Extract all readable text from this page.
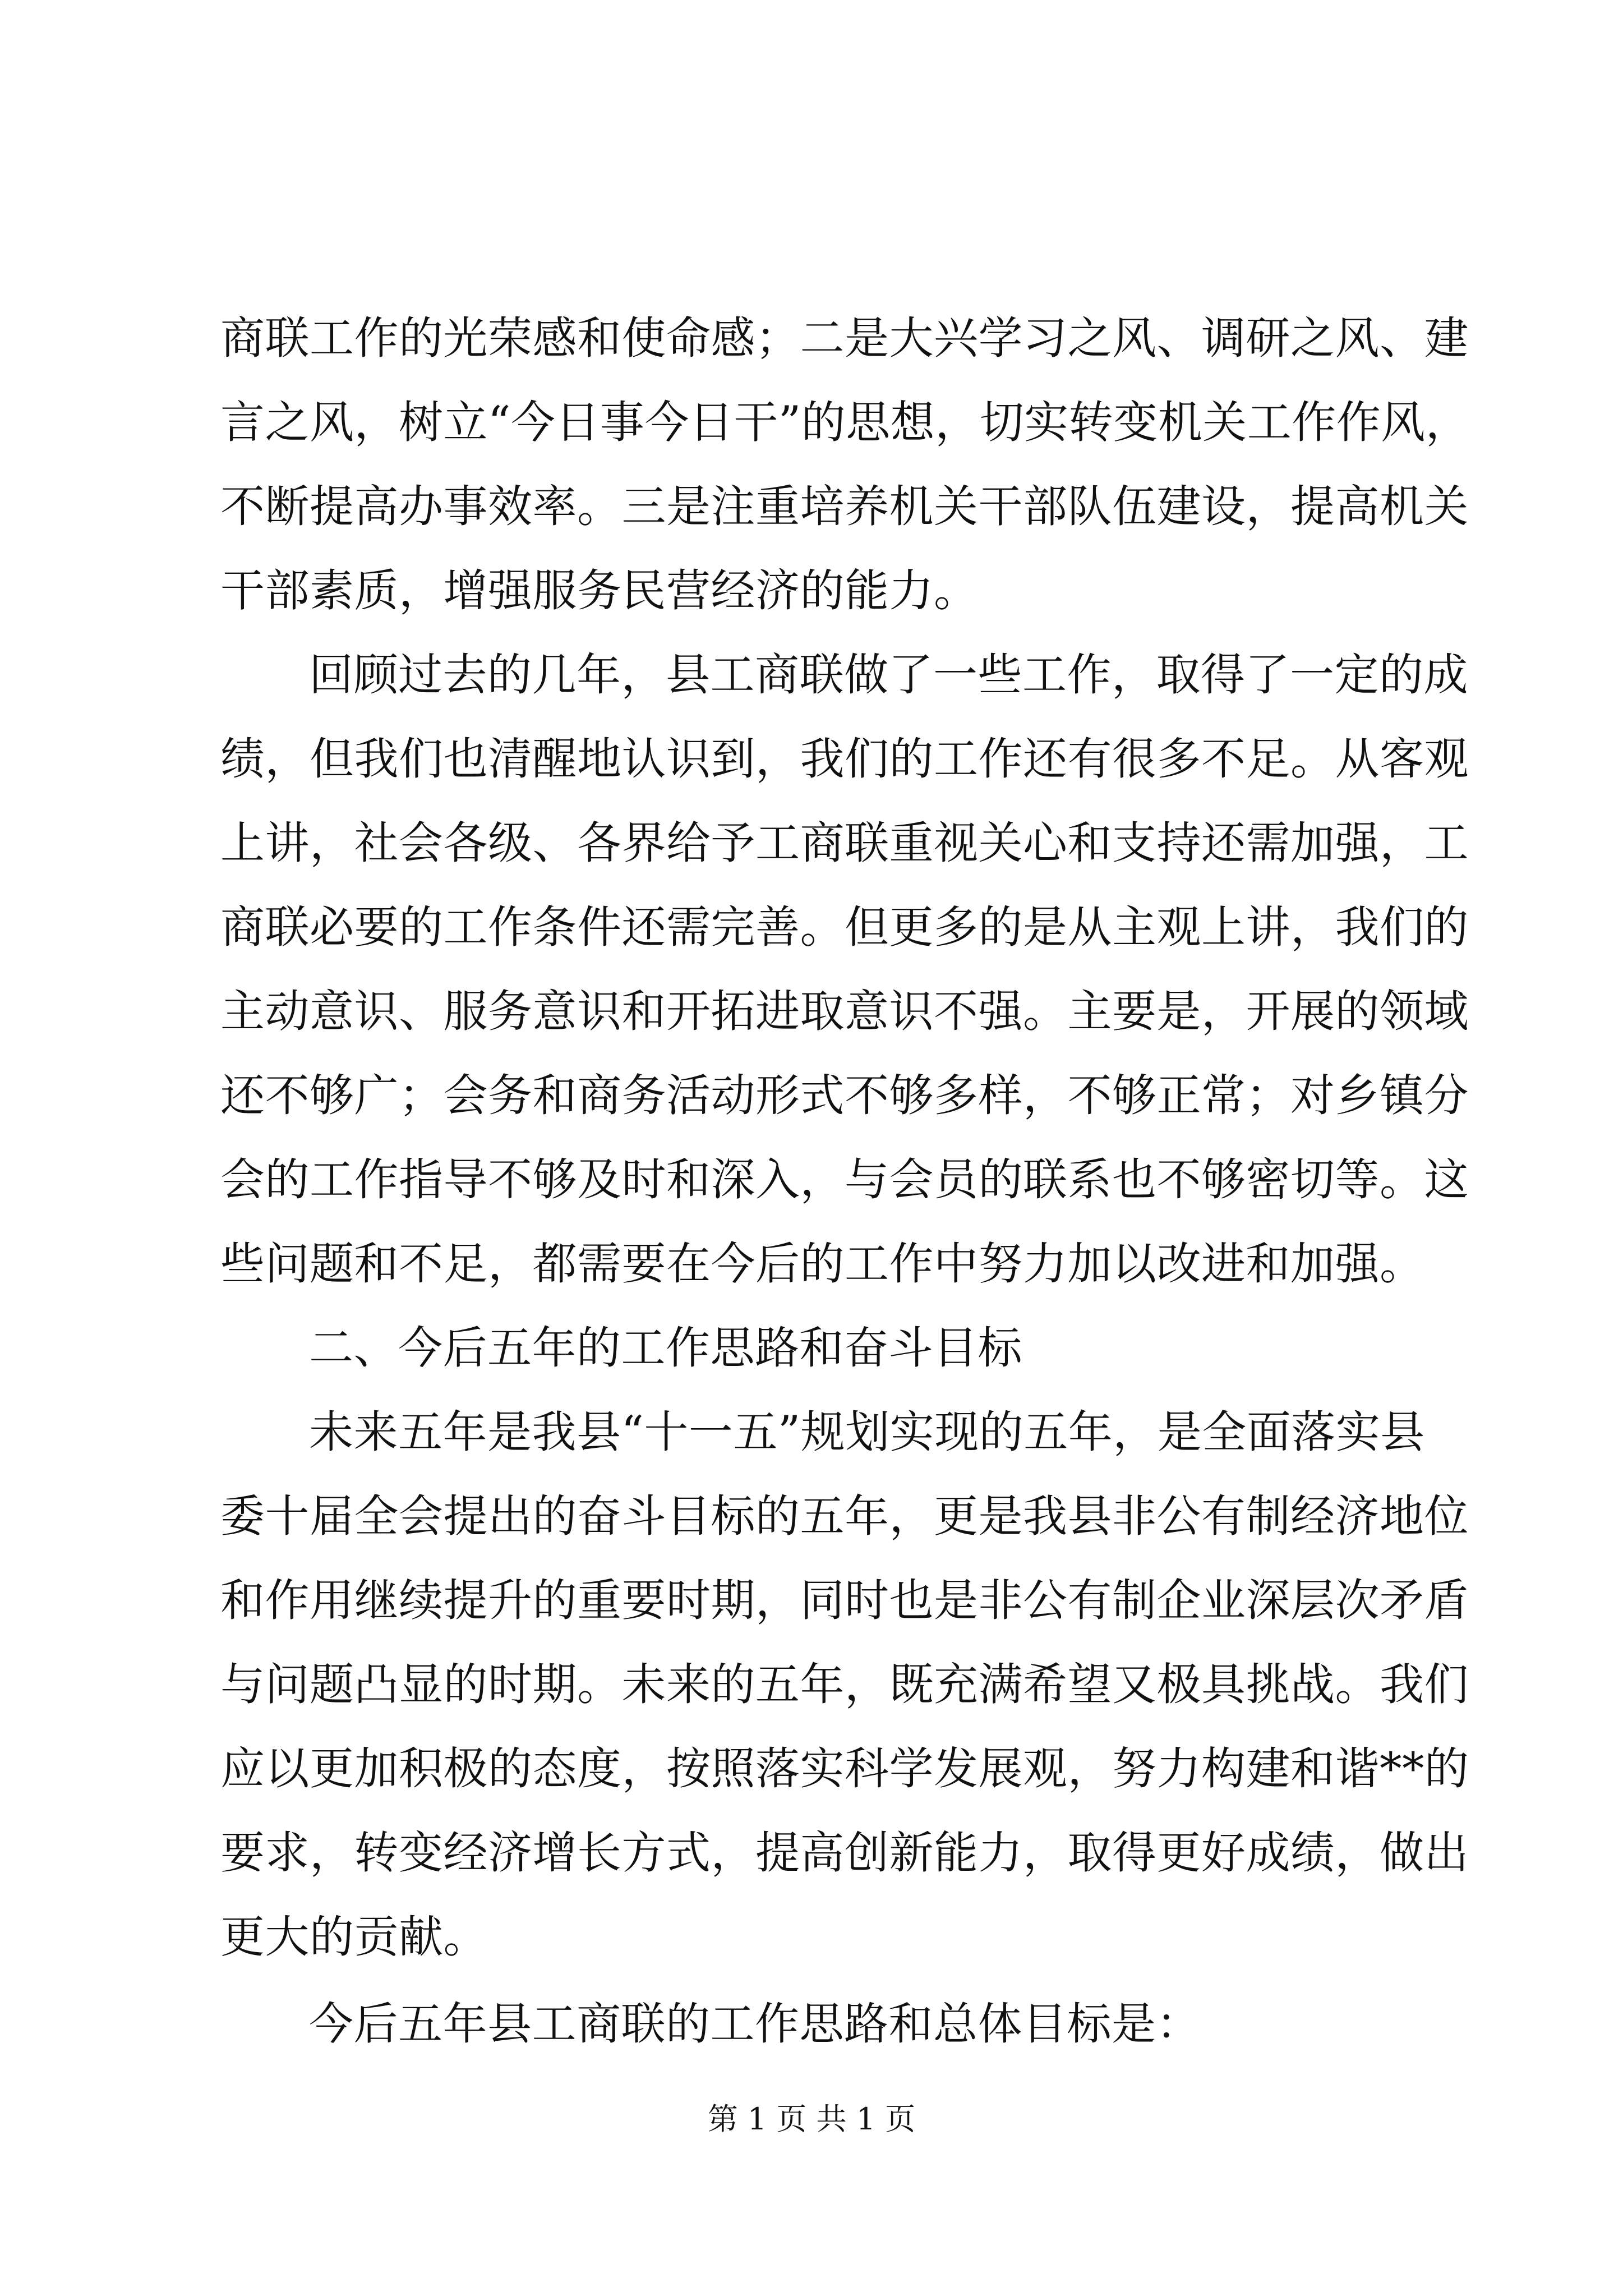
商联工作的光荣感和使命感；二是大兴学习之风、调研之风、建
言之风，树立“今日事今日干”的思想，切实转变机关工作作风，
不断提高办事效率。三是注重培养机关干部队伍建设，提高机关
干部素质，增强服务民营经济的能力。
回顾过去的几年，县工商联做了一些工作，取得了一定的成
绩，但我们也清醒地认识到，我们的工作还有很多不足。从客观
上讲，社会各级、各界给予工商联重视关心和支持还需加强，工
商联必要的工作条件还需完善。但更多的是从主观上讲，我们的
主动意识、服务意识和开拓进取意识不强。主要是，开展的领域
还不够广；会务和商务活动形式不够多样，不够正常；对乡镇分
会的工作指导不够及时和深入，与会员的联系也不够密切等。这
些问题和不足，都需要在今后的工作中努力加以改进和加强。
二、今后五年的工作思路和奋斗目标
未来五年是我县“十一五”规划实现的五年，是全面落实县
委十届全会提出的奋斗目标的五年，更是我县非公有制经济地位
和作用继续提升的重要时期，同时也是非公有制企业深层次矛盾
与问题凸显的时期。未来的五年，既充满希望又极具挑战。我们
应以更加积极的态度，按照落实科学发展观，努力构建和谐**的
要求，转变经济增长方式，提高创新能力，取得更好成绩，做出
更大的贡献。
今后五年县工商联的工作思路和总体目标是：
第 1 页 共 1 页
